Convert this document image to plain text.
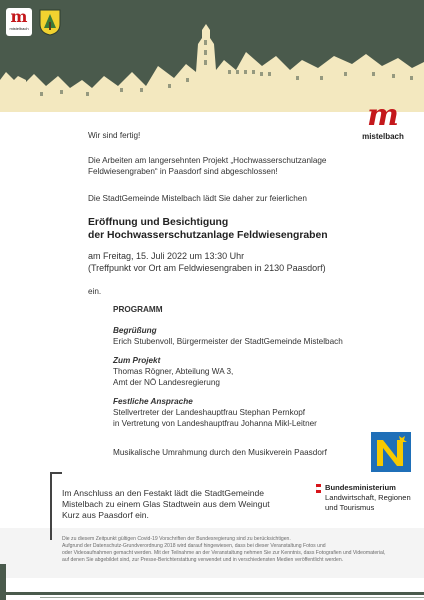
m
mistelbach
m
mistelbach
Wir sind fertig!
Die Arbeiten am langersehnten Projekt „Hochwasserschutzanlage
Feldwiesengraben“ in Paasdorf sind abgeschlossen!
Die StadtGemeinde Mistelbach lädt Sie daher zur feierlichen
Eröffnung und Besichtigung
der Hochwasserschutzanlage Feldwiesengraben
am Freitag, 15. Juli 2022 um 13:30 Uhr
(Treffpunkt vor Ort am Feldwiesengraben in 2130 Paasdorf)
ein.
PROGRAMM
Begrüßung
Erich Stubenvoll, Bürgermeister der StadtGemeinde Mistelbach
Zum Projekt
Thomas Rögner, Abteilung WA 3,
Amt der NÖ Landesregierung
Festliche Ansprache
Stellvertreter der Landeshauptfrau Stephan Pernkopf
in Vertretung von Landeshauptfrau Johanna Mikl-Leitner
Musikalische Umrahmung durch den Musikverein Paasdorf
Im Anschluss an den Festakt lädt die StadtGemeinde
Mistelbach zu einem Glas Stadtwein aus dem Weingut
Kurz aus Paasdorf ein.
Bundesministerium
Landwirtschaft, Regionen
und Tourismus
Die zu diesem Zeitpunkt gültigen Covid-19 Vorschriften der Bundesregierung sind zu berücksichtigen.
Aufgrund der Datenschutz-Grundverordnung 2018 wird darauf hingewiesen, dass bei dieser Veranstaltung Fotos und
oder Videoaufnahmen gemacht werden. Mit der Teilnahme an der Veranstaltung nehmen Sie zur Kenntnis, dass Fotografien und Videomaterial,
auf denen Sie abgebildet sind, zur Presse-Berichterstattung verwendet und in verschiedensten Medien veröffentlicht werden.
